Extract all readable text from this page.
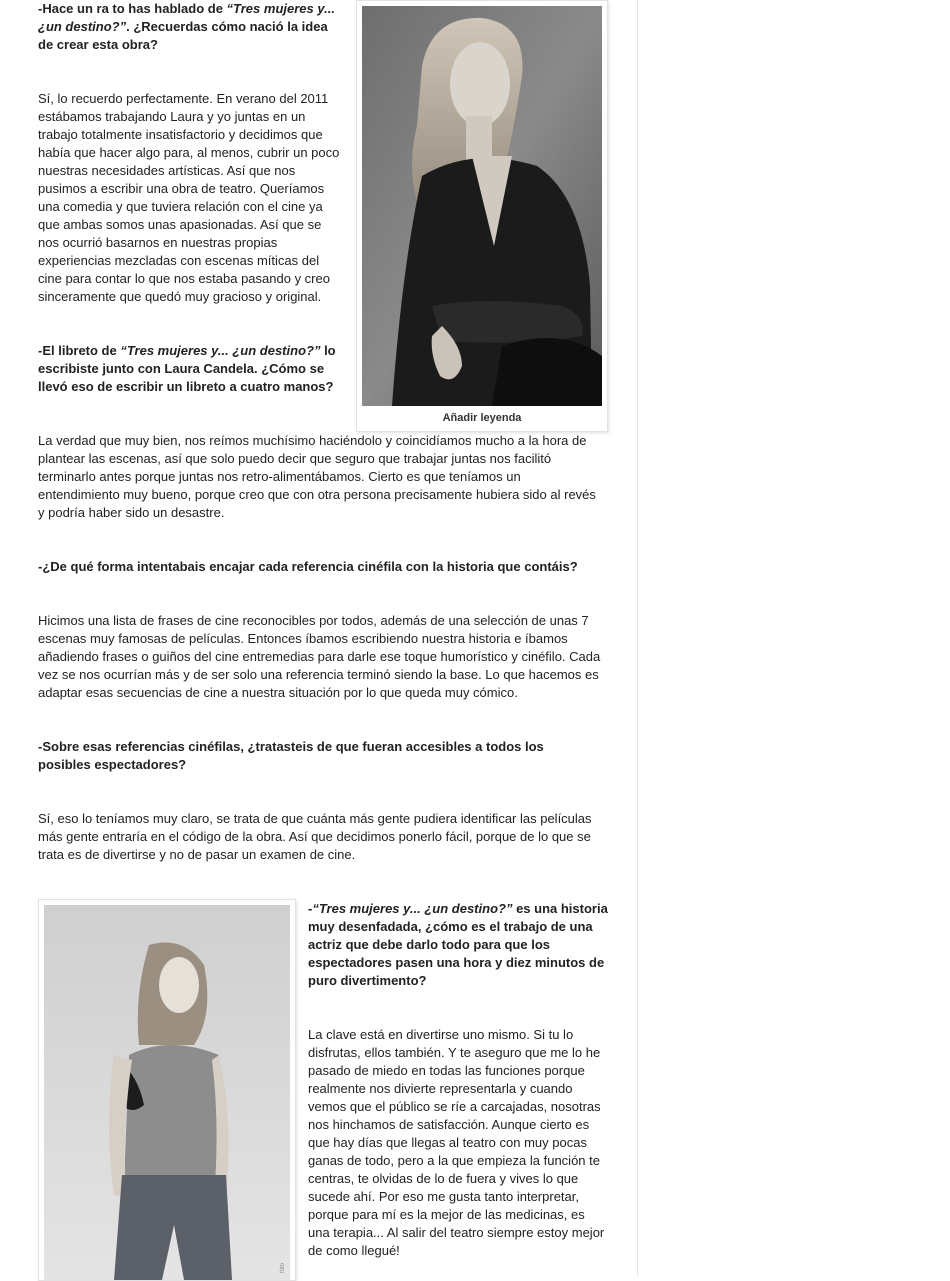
Añadir leyenda

-Hace un ra to has hablado de “Tres mujeres y... ¿un destino?”. ¿Recuerdas cómo nació la idea de crear esta obra?

Sí, lo recuerdo perfectamente. En verano del 2011 estábamos trabajando Laura y yo juntas en un trabajo totalmente insatisfactorio y decidimos que había que hacer algo para, al menos, cubrir un poco nuestras necesidades artísticas. Así que nos pusimos a escribir una obra de teatro. Queríamos una comedia y que tuviera relación con el cine ya que ambas somos unas apasionadas. Así que se nos ocurrió basarnos en nuestras propias experiencias mezcladas con escenas míticas del cine para contar lo que nos estaba pasando y creo sinceramente que quedó muy gracioso y original.

-El libreto de “Tres mujeres y... ¿un destino?” lo escribiste junto con Laura Candela. ¿Cómo se llevó eso de escribir un libreto a cuatro manos?

La verdad que muy bien, nos reímos muchísimo haciéndolo y coincidíamos mucho a la hora de plantear las escenas, así que solo puedo decir que seguro que trabajar juntas nos facilitó terminarlo antes porque juntas nos retro-alimentábamos. Cierto es que teníamos un entendimiento muy bueno, porque creo que con otra persona precisamente hubiera sido al revés y podría haber sido un desastre.

-¿De qué forma intentabais encajar cada referencia cinéfila con la historia que contáis?

Hicimos una lista de frases de cine reconocibles por todos, además de una selección de unas 7 escenas muy famosas de películas. Entonces íbamos escribiendo nuestra historia e íbamos añadiendo frases o guiños del cine entremedias para darle ese toque humorístico y cinéfilo. Cada vez se nos ocurrían más y de ser solo una referencia terminó siendo la base. Lo que hacemos es adaptar esas secuencias de cine a nuestra situación por lo que queda muy cómico.

-Sobre esas referencias cinéfilas, ¿tratasteis de que fueran accesibles a todos los posibles espectadores?

Sí, eso lo teníamos muy claro, se trata de que cuánta más gente pudiera identificar las películas más gente entraría en el código de la obra. Así que decidimos ponerlo fácil, porque de lo que se trata es de divertirse y no de pasar un examen de cine.

foto

-“Tres mujeres y... ¿un destino?” es una historia muy desenfadada, ¿cómo es el trabajo de una actriz que debe darlo todo para que los espectadores pasen una hora y diez minutos de puro divertimento?

La clave está en divertirse uno mismo. Si tu lo disfrutas, ellos también. Y te aseguro que me lo he pasado de miedo en todas las funciones porque realmente nos divierte representarla y cuando vemos que el público se ríe a carcajadas, nosotras nos hinchamos de satisfacción. Aunque cierto es que hay días que llegas al teatro con muy pocas ganas de todo, pero a la que empieza la función te centras, te olvidas de lo de fuera y vives lo que sucede ahí. Por eso me gusta tanto interpretar, porque para mí es la mejor de las medicinas, es una terapia... Al salir del teatro siempre estoy mejor de como llegué!
